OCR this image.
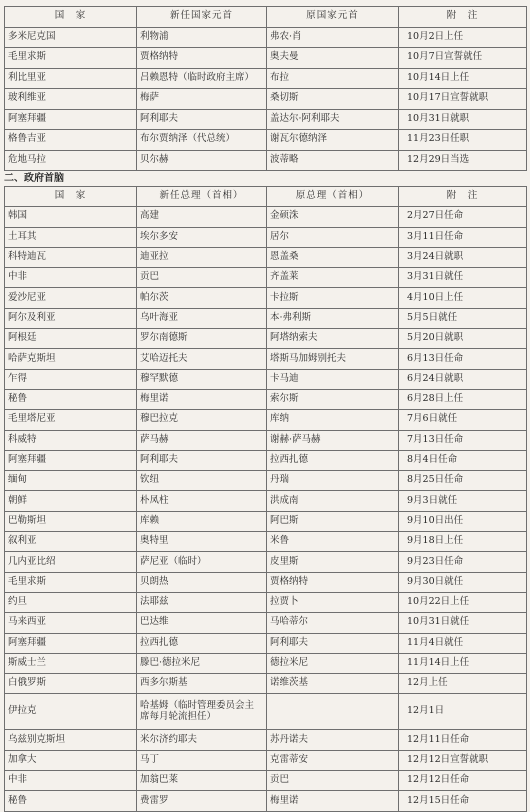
国　家	新任国家元首	原国家元首	附　注
多米尼克国	利物浦	弗农·肖	10月2日上任
毛里求斯	贾格纳特	奥夫曼	10月7日宣誓就任
利比里亚	吕赖恩特（临时政府主席）	布拉	10月14日上任
玻利维亚	梅萨	桑切斯	10月17日宣誓就职
阿塞拜疆	阿利耶夫	盖达尔·阿利耶夫	10月31日就职
格鲁吉亚	布尔贾纳泽（代总统）	谢瓦尔德纳泽	11月23日任职
危地马拉	贝尔赫	波蒂略	12月29日当选
二、政府首脑
国　家	新任总理（首相）	原总理（首相）	附　注
韩国	高建	金硕洙	2月27日任命
土耳其	埃尔多安	居尔	3月11日任命
科特迪瓦	迪亚拉	恩盖桑	3月24日就职
中非	贡巴	齐盖莱	3月31日就任
爱沙尼亚	帕尔茨	卡拉斯	4月10日上任
阿尔及利亚	乌叶海亚	本·弗利斯	5月5日就任
阿根廷	罗尔南德斯	阿塔纳索夫	5月20日就职
哈萨克斯坦	艾哈迈托夫	塔斯马加姆别托夫	6月13日任命
乍得	穆罕默德	卡马迪	6月24日就职
秘鲁	梅里诺	索尔斯	6月28日上任
毛里塔尼亚	穆巴拉克	库纳	7月6日就任
科威特	萨马赫	谢赫·萨马赫	7月13日任命
阿塞拜疆	阿利耶夫	拉西扎德	8月4日任命
缅甸	钦纽	丹瑞	8月25日任命
朝鲜	朴凤柱	洪成南	9月3日就任
巴勒斯坦	库赖	阿巴斯	9月10日出任
叙利亚	奥特里	米鲁	9月18日上任
几内亚比绍	萨尼亚（临时）	皮里斯	9月23日任命
毛里求斯	贝朗热	贾格纳特	9月30日就任
约旦	法耶兹	拉贾卜	10月22日上任
马来西亚	巴达维	马哈蒂尔	10月31日就任
阿塞拜疆	拉西扎德	阿利耶夫	11月4日就任
斯威士兰	滕巴·德拉米尼	德拉米尼	11月14日上任
白俄罗斯	西多尔斯基	诺维茨基	12月上任
伊拉克	哈基姆（临时管理委员会主席每月轮流担任）		12月1日
乌兹别克斯坦	米尔济约耶夫	苏丹诺夫	12月11日任命
加拿大	马丁	克雷蒂安	12月12日宣誓就职
中非	加翁巴莱	贡巴	12月12日任命
秘鲁	费雷罗	梅里诺	12月15日任命
